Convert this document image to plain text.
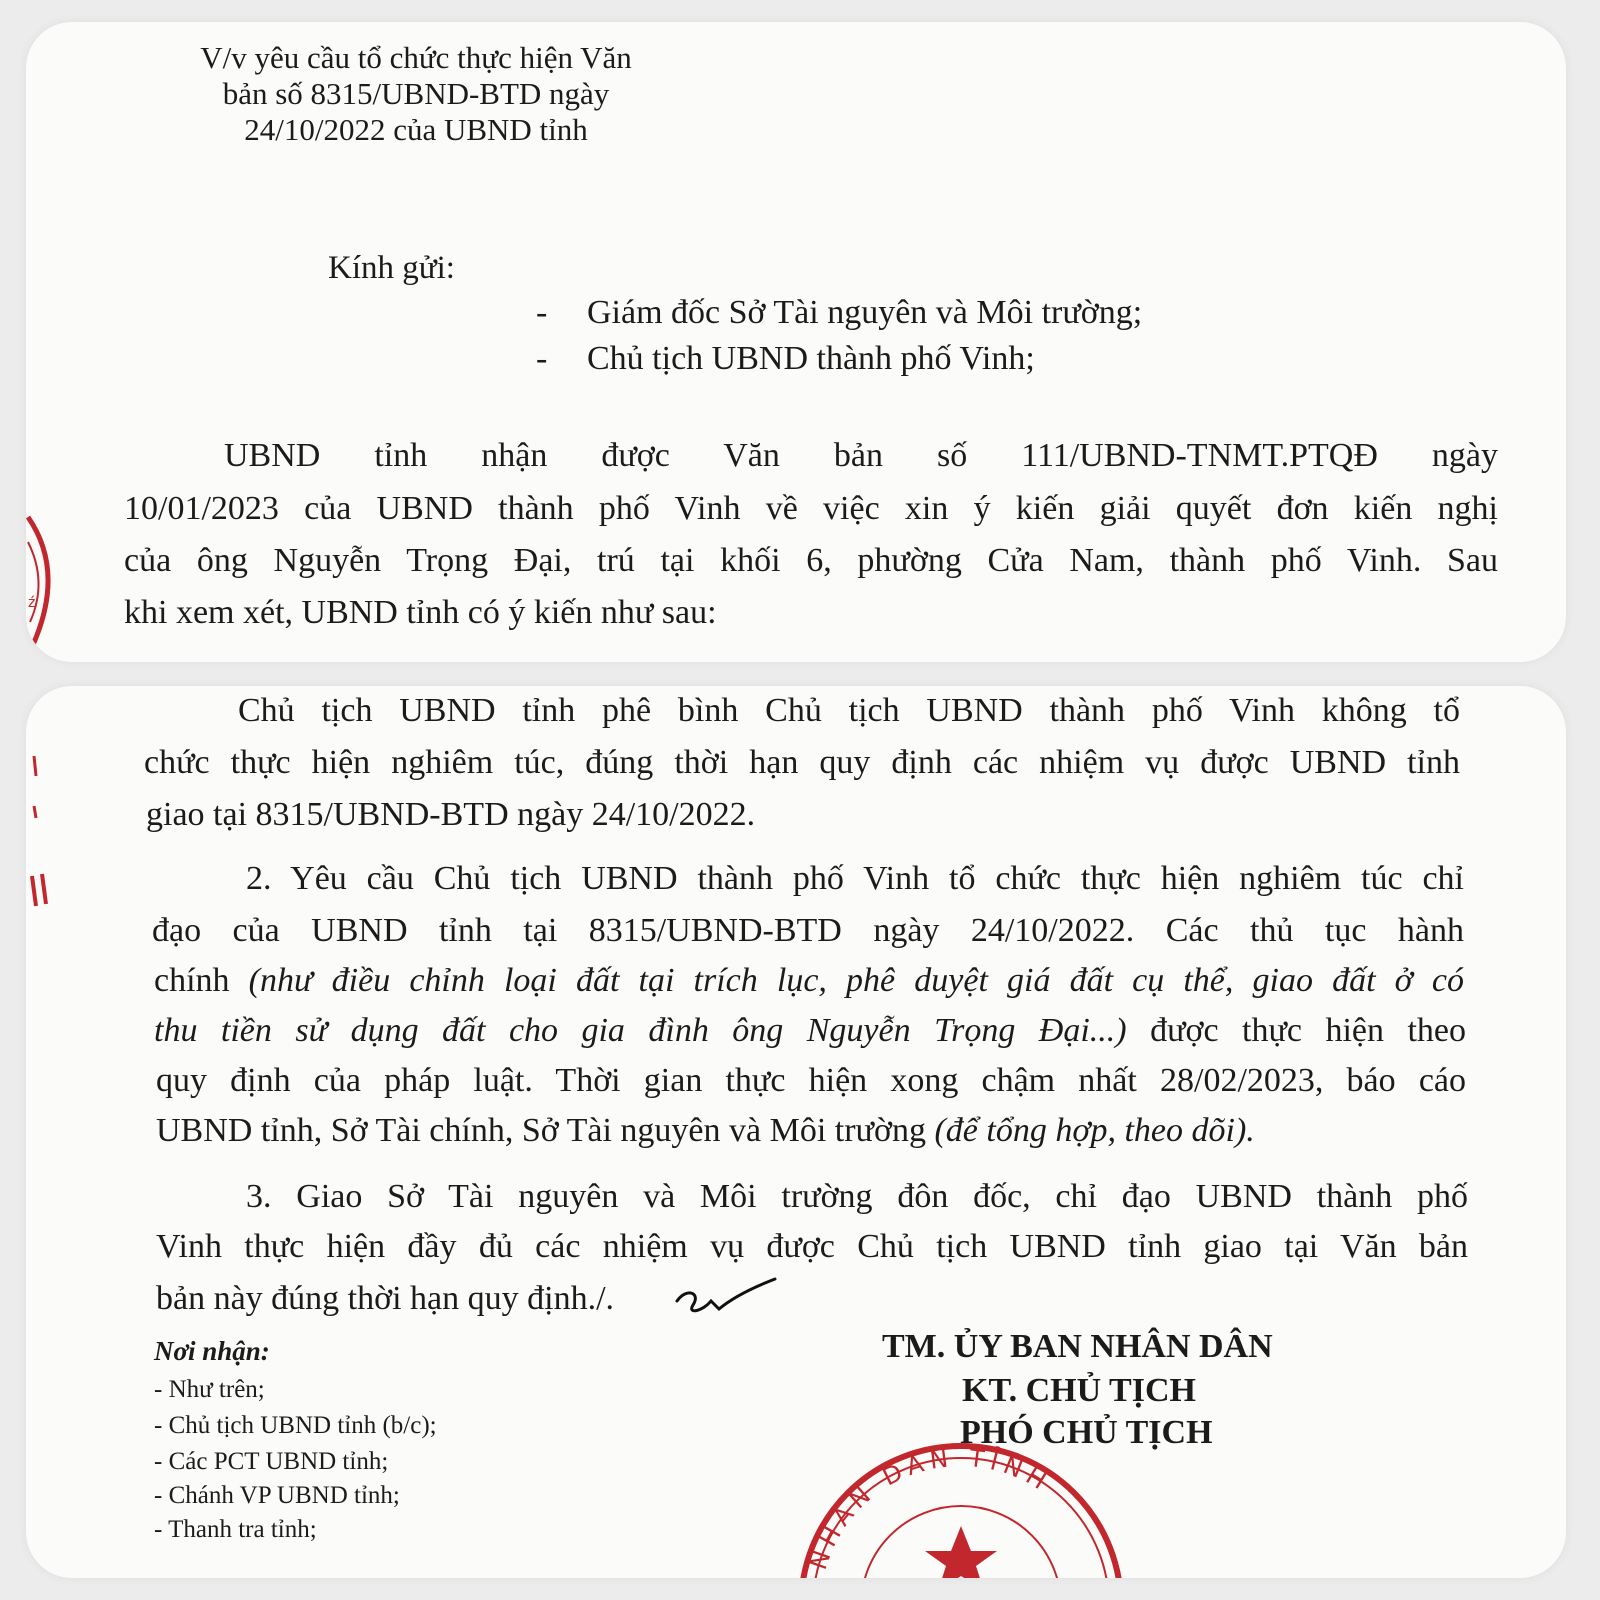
V/v yêu cầu tổ chức thực hiện Văn
bản số 8315/UBND-BTD ngày
24/10/2022 của UBND tỉnh
Kính gửi:
- Giám đốc Sở Tài nguyên và Môi trường;
- Chủ tịch UBND thành phố Vinh;
UBND tỉnh nhận được Văn bản số 111/UBND-TNMT.PTQĐ ngày
10/01/2023 của UBND thành phố Vinh về việc xin ý kiến giải quyết đơn kiến nghị
của ông Nguyễn Trọng Đại, trú tại khối 6, phường Cửa Nam, thành phố Vinh. Sau
khi xem xét, UBND tỉnh có ý kiến như sau:
ź
Chủ tịch UBND tỉnh phê bình Chủ tịch UBND thành phố Vinh không tổ
chức thực hiện nghiêm túc, đúng thời hạn quy định các nhiệm vụ được UBND tỉnh
giao tại 8315/UBND-BTD ngày 24/10/2022.
2. Yêu cầu Chủ tịch UBND thành phố Vinh tổ chức thực hiện nghiêm túc chỉ
đạo của UBND tỉnh tại 8315/UBND-BTD ngày 24/10/2022. Các thủ tục hành
chính (như điều chỉnh loại đất tại trích lục, phê duyệt giá đất cụ thể, giao đất ở có
thu tiền sử dụng đất cho gia đình ông Nguyễn Trọng Đại...) được thực hiện theo
quy định của pháp luật. Thời gian thực hiện xong chậm nhất 28/02/2023, báo cáo
UBND tỉnh, Sở Tài chính, Sở Tài nguyên và Môi trường (để tổng hợp, theo dõi).
3. Giao Sở Tài nguyên và Môi trường đôn đốc, chỉ đạo UBND thành phố
Vinh thực hiện đầy đủ các nhiệm vụ được Chủ tịch UBND tỉnh giao tại Văn bản
bản này đúng thời hạn quy định./.
Nơi nhận:
- Như trên;
- Chủ tịch UBND tỉnh (b/c);
- Các PCT UBND tỉnh;
- Chánh VP UBND tỉnh;
- Thanh tra tỉnh;
NHÂN DÂN TỈNH
TM. ỦY BAN NHÂN DÂN
KT. CHỦ TỊCH
PHÓ CHỦ TỊCH
